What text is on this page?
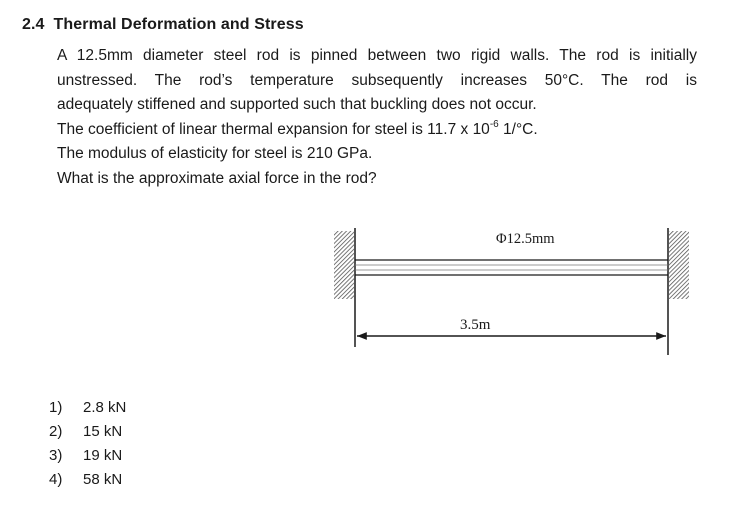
2.4 Thermal Deformation and Stress

A 12.5mm diameter steel rod is pinned between two rigid walls. The rod is initially

unstressed. The rod’s temperature subsequently increases 50°C. The rod is

adequately stiffened and supported such that buckling does not occur.

The coefficient of linear thermal expansion for steel is 11.7 x $10^{-6}$ 1/°C.

The modulus of elasticity for steel is 210 GPa.

What is the approximate axial force in the rod?

Φ12.5mm
3.5m
1)	2.8 kN
2)	15 kN
3)	19 kN
4)	58 kN
